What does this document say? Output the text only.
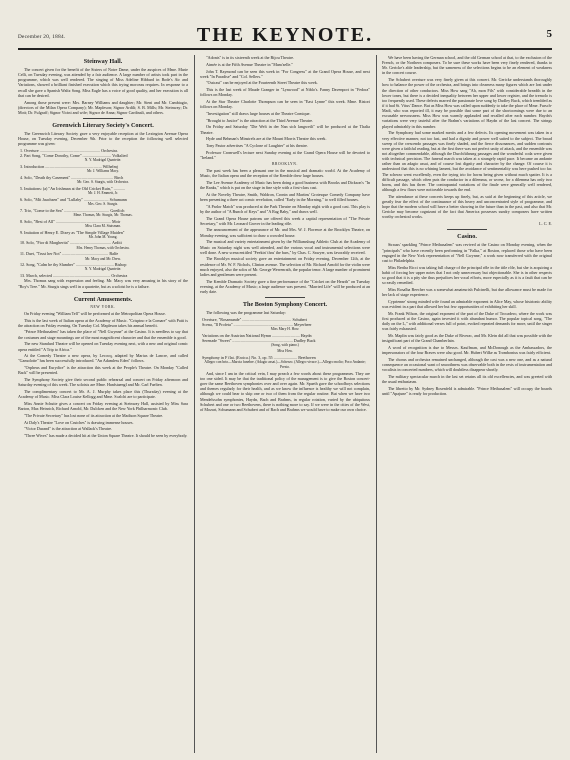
December 20, 1884.	THE KEYNOTE.	5
Steinway Hall.

The concert given for the benefit of the Sisters of Notre Dame, under the auspices of Mme. Marie Celli, on Tuesday evening, was attended by a fair audience. A large number of artists took part in the programme, which was well rendered. The singing of Miss Adeline Hibbard in Bode's Air and Variations, showed a brilliant finished execution which this trying morceau requires. In response to a recall she gave a Spanish Waltz Song. Miss Eagle has a voice of good quality, and her execution is all that can be desired.

Among those present were: Mrs. Barney Williams and daughter; Mr. Sieni and Mr. Cambiagio, (directors of the Milan Opera Company); Mr. Mapleson; Signor Ardili; S. B. Mills; Mr. Steinway; Dr. Mott; Dr. Fulgraff; Signor Vicini and wife; Signor de Anna; Signor Cardinali, and others.

Greenwich Literary Society's Concert.

The Greenwich Literary Society gave a very enjoyable reception at the Lexington Avenue Opera House, on Tuesday evening, December 9th. Prior to the reception the following well selected programme was given:

1. Overture ........................................................... Orchestra.

2. Part Song, "Come Dorothy, Come" ............................ Volkslied

N. Y. Madrigal Quartette.

3. Introduction ....................................................... Wilhelmj

Mr. J. Williams Macy.

4. Solo, "Death thy Casement" ......................................... Birch

Mr. Geo. S. Sturgis, with Orchestra.

5. Imitations: (a) "An Irishman at the Old Cricket Ruin," ...........

Mr. J. H. Emmett, Jr.

6. Solo, "Mit Jauchzen" and "Lullaby" ........................ Schumann

Mrs. Geo. S. Sturgis.

7. Trio, "Come to the Sea" ............................................ Goetlich

Mme. Thomas, Mr. Sturgis, Mr. Thomas.

8. Solo, "Best of All" ...................................................... Moir

Miss Clara M. Stutsman.

9. Imitation of Henry E. Dixey as "The Simple Village Maiden"

Mr. John M. Young.

10. Solo, "Fior di Margherita" ........................................ Arditi

Mrs. Henry Thomas, with Orchestra.

11. Duet, "Trust her Not" ............................................. Balfe

Mr. Macy and Mr. Drew.

12. Song, "Calm be thy Slumber" ..................................... Bishop

N. Y. Madrigal Quartette.

13. March, selected ........................................................ Orchestra

Mrs. Thomas sang with expression and feeling. Mr. Macy was very amusing in his story of the "Boy's Tree." Mr. Sturgis sings well in a quartette, but as a soloist he is a failure.

Current Amusements.
NEW YORK.

On Friday evening "William Tell" will be performed at the Metropolitan Opera House.

This is the last week of Italian opera at the Academy of Music. "Crispino e la Comare" with Patti is the attraction on Friday evening. On Tuesday Col. Mapleson takes his annual benefit.

"Prince Methusalem" has taken the place of "Nell Gwynne" at the Casino. It is needless to say that the costumes and stage mountings are of the most magnificent character and that the ensemble is good.

The new Standard Theatre will be opened on Tuesday evening next, with a new and original comic opera entitled "A Trip to Africa."

At the Comedy Theatre a new opera, by Lecocq, adapted by Marius de Lancre, and called "Gamolotte" has been successfully introduced. "An Adamless Eden" follows.

"Orpheus and Eurydice" is the attraction this week at the People's Theatre. On Monday "Called Back" will be presented.

The Symphony Society give their second public rehearsal and concert on Friday afternoon and Saturday evening of this week. The soloists are Mme. Hanfstaengl and Mr. Carl Faelten.

The complimentary concert to Mr. A. J. Murphy takes place this (Thursday) evening at the Academy of Music. Miss Clara Louise Kellogg and Mme. Scalchi are to participate.

Miss Annie Schutte gives a concert on Friday evening at Steinway Hall, assisted by Miss Sara Barton, Max Heinrich, Richard Arnold, Mr. Dulcken and the New York Philharmonic Club.

"The Private Secretary" has lost none of its attraction at the Madison Square Theatre.

At Daly's Theatre "Love on Crutches" is drawing immense houses.

"Victor Durand" is the attraction at Wallack's Theatre.

"Three Wives" has made a decided hit at the Union Square Theatre. It should be seen by everybody.

"Adonis" is in its sixteenth week at the Bijou Theatre.

Aimée is at the Fifth Avenue Theatre in "Mam'zelle."

John T. Raymond can be seen this week in "For Congress" at the Grand Opera House, and next week "In Paradise" and "Col. Sellers."

"Outcast" can be enjoyed at the Fourteenth Street Theatre this week.

This is the last week of Maude Granger in "Lynwood" at Niblo's. Fanny Davenport in "Fedora" follows on Monday.

At the Star Theatre Charlotte Thompson can be seen in "East Lynne" this week. Mme. Ristori follows on Monday.

"Investigation" still draws large houses at the Theatre Comique.

"Brought to Justice" is the attraction at the Third Avenue Theatre.

On Friday and Saturday "Die Welt in der Nan sich langweilt" will be produced at the Thalia Theatre.

Hyde and Behman's Minstrels are at the Mount Morris Theatre this week.

Tony Pastor advertises "A Cyclone of Laughter" at his theatre.

Professor Cromwell's lecture next Sunday evening at the Grand Opera House will be devoted to "Ireland."

BROOKLYN.

The past week has been a pleasant one in the musical and dramatic world. At the Academy of Music, the Italian opera and the reception of the Kemble drew large houses.

The Lee Avenue Academy of Music has been doing a good business with Brooks and Dickson's "In the Ranks," which is put on the stage in fine style with a first-class cast.

At the Novelty Theatre, Smith, Waldron, Cronin and Martins' Grotesque Comedy Company have been presenting a three act comic revelation, called "Early in the Morning," to well filled houses.

"A Parlor Match" was produced at the Park Theatre on Monday night with a good cast. This play is by the author of "A Bunch of Keys" and "A Rag Baby," and draws well.

The Grand Opera House patrons are offered this week a capital representation of "The Private Secretary," with Mr. Leonard Grover in the leading rôle.

The announcement of the appearance of Mr. and Mrs. W. J. Florence at the Brooklyn Theatre, on Monday evening, was sufficient to draw a crowded house.

The musical and variety entertainment given by the Williamsburg Athletic Club at the Academy of Music on Saturday night was well attended, and the various vocal and instrumental selections were well done. A new scena entitled "Feekin' thru' the bars," by Chas. C. Sawyer, was favorably received.

The Brooklyn musical society gave an entertainment on Friday evening, December 12th, at the residence of Mr. W. F. Nichols, Clinton avenue. The selection of Mr. Richard Arnold for the violin were much enjoyed, also the solos of Mr. George Werrenrath, the popular tenor. A large number of prominent ladies and gentlemen were present.

The Kemble Dramatic Society gave a fine performance of the "Cricket on the Hearth" on Tuesday evening, at the Academy of Music; a large audience was present. "Married Life" will be produced at an early date.

The Boston Symphony Concert.

The following was the programme last Saturday:

Overture, "Rosamunde" ................................................ Schubert

Scena, "Il Profeta" .......................................................... Meyerbeer

Miss Mary H. How.

Variations on the Austrian National Hymn ........................... Haydn

Serenade "Sweet" ........................................................... Dudley Buck

(Song, with piano.)

Miss How.

Symphony in F flat. (Eroica.) No. 3, op. 55 ....................... Beethoven

Allegro con brio—Marcia funebre. (Adagio assai.)—Scherzo. (Allegro vivace.)—Allegro molto; Poco Andante; Presto.

And, since I am in the critical vein, I may preach a few words about these programmes. They are too one sided. It may be that the traditional policy of the management is to give the Boston concert-goer the same Beethoven symphonies over and over again. Mr. Spaeth gave the schoolboys selections and themes regularly for their health, and as we know the influence is healthy we will not complain, although we could bear to skip one or two of them from the regular routine. But when we have two Mendelssohn symphonies, Haydn, Bach and Brahms, in regular rotation, varied by the ubiquitous Schubert and one or two Beethovens, there is nothing more to say. If we were in the cities of the West, of Mozart, Schumann and Schubert and of Bach and Brahms we would have to make our own choice.

We have been having the German school, and the old German school at that, to the exclusion of the French, or the Northern composers. To be sure these works have been very finely rendered, thanks to Mr. Gericke's able leadership, but the sameness of the selections begins to be an element of weakness in the concert course.

The Schubert overture was very finely given at this concert. Mr. Gericke understands thoroughly how to balance the power of the orchestra, and brings into clearness many figures which are lost under the direction of other conductors. Miss How sang "Ah, mon Fils" with considerable breadth in the lower tones, but there is a decided inequality between her upper and lower register, and the tremolo is too frequently used. These defects marred the passionate love song by Dudley Buck, which trembled as if it had St. Vitus' Dance. But as Miss How was called upon suddenly to take the place of Mme. Fursch-Madi, who was reported ill, it may be possible that some part of the shortcomings were due to an excusable nervousness. Miss How was warmly applauded and recalled after each number. Haydn's variations were very tasteful after the Brahm's variations of Haydn of the last concert. The strings played admirably in this number.

The Symphony had some marked merits and a few defects. Its opening movement was taken in a very effective manner, not too fast, and had a dignity and power well suited to the subject. The broad sweep of the crescendo passages was finely shaded, and the fierce dissonances, and sudden contrasts were given a faithful reading, but at the first there was not perfect unity of attack, and the ensemble was not altogether commendable, although the Durchführung passages and the wonderful coda were given with technical precision. The funeral march was taken at a strangely rapid pace. It became an andante rather than an adagio assai, and of course lost dignity and character by the change. Of course it is understood that this is no whining lament, but the avoidance of sentimentality was here pushed too far. The scherzo went excellently, even the trying trio for horns being given without much spatter. It is a difficult passage, which often puts the conductor in a dilemma, or worse, for a dilemma has only two horns, and this has three. The contrapuntal variations of the finale were generally well rendered, although a few flaws were noticeable towards the end.

The attendance at these concerts keeps up finely, but, as said at the beginning of this article, we greatly fear the effect of the continuance of this heavy and unconcentrated style of programme, and hope that the modern school will have a better showing in the future than in the past, and also that Mr. Gericke may become cognizant of the fact that America possesses sundry composers have written worthy orchestral works.

L. C. E.

Casino.

Strauss' sparkling "Prince Methusalem" was revived at the Casino on Monday evening, when the "principals" who have recently been performing in "Falka," at Boston, replaced those who have been engaged in the New York representation of "Nell Gwynne," a work now transferred with the original cast to Philadelphia.

Miss Bertha Ricci was taking full charge of the principal rôle in the title rôle, but she is acquiring a habit of forcing her upper notes that I not only unnecessary but objectionable. She is in other respects so good that it is a pity she thus prejudices her vocal efforts, more especially as it is a fault that can be so easily remedied.

Miss Rosalba Beecher was a somewhat amateurish Pulcinelli, but due allowance must be made for her lack of stage experience.

Cyprienne' strong minded wife found an admirable exponent in Alice May, whose histrionic ability was evident in a part that allowed her but few opportunities of exhibiting her skill.

Mr. Frank Wilson, the original exponent of the part of the Duke of Trocadero, where the work was first produced at the Casino, again invested it with abundant humor. The popular topical song, "The daily on the L," with additional verses full of point, evoked repeated demands for more, until the singer was fairly exhausted.

Mr. Maplin was fairly good as the Duke of Riverac, and Mr. Klein did all that was possible with the insignificant part of the Grand Chamberlain.

A word of recognition is due to Messrs. Kauffman, and McDonough as the Ambassadors, the impersonators of the four Braves were also good. Mr. Hubert Wilke as Trombonius was fairly efficient.

The chorus and orchestra remained unchanged, although the cast was a new one, and as a natural consequence an occasional want of smoothness was observable both in the rests of instrumentation and vocalists in concerted numbers, which will doubtless disappear shortly.

The military spectacular march in the last set retains all its old excellencies, and was greeted with the usual enthusiasm.

The libretto by Mr. Sydney Rosenfeld is admirable. "Prince Methusalem" will occupy the boards until "Apajune" is ready for production.
